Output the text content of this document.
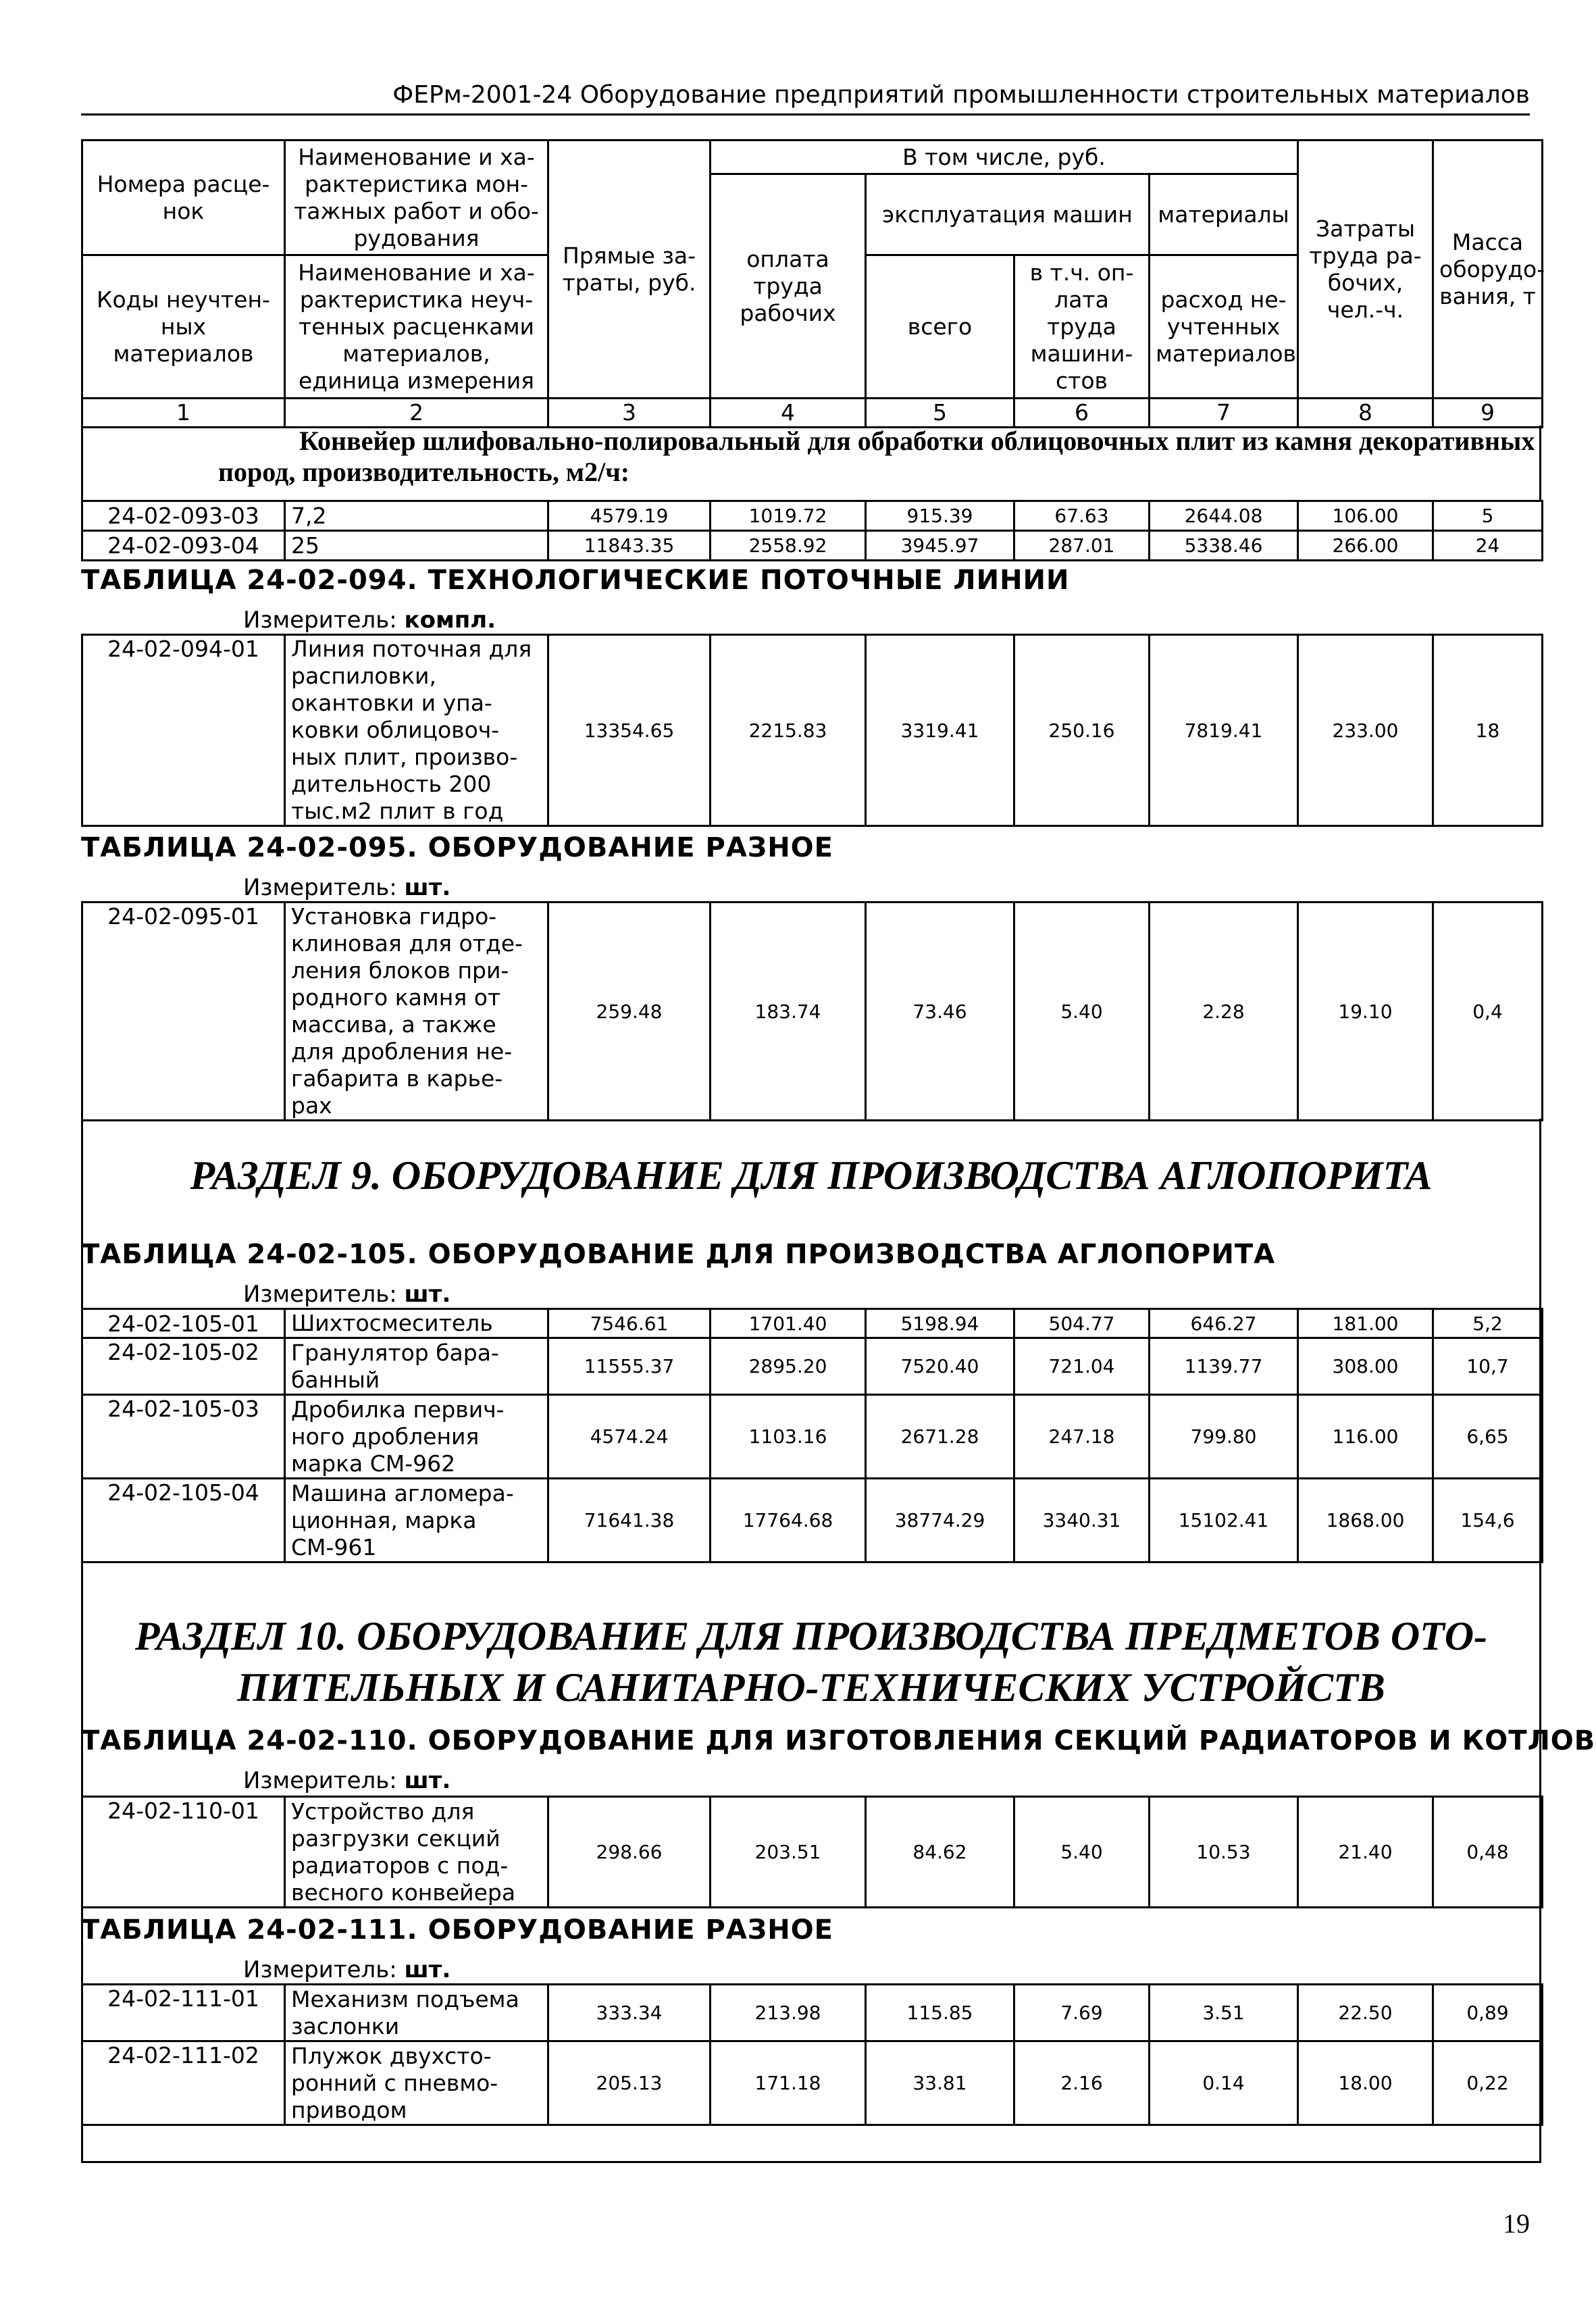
ФЕРм-2001-24 Оборудование предприятий промышленности строительных материалов
Номера расце-нок	Наименование и ха-рактеристика мон-тажных работ и обо-рудования	Прямые за-траты, руб.	В том числе, руб.				Затраты труда ра-бочих, чел.-ч.	Масса оборудо-вания, т
			оплата труда рабочих	эксплуатация машин		материалы		

Коды неучтен-ных материалов	Наименование и ха-рактеристика неуч-тенных расценками материалов, единица измерения			всего	в т.ч. оп-лата труда машини-стов	расход не-учтенных материалов		

1	2	3	4	5	6	7	8	9
Конвейер шлифовально-полировальный для обработки облицовочных плит из камня декоративных пород, производительность, м2/ч:
24-02-093-03	7,2	4579.19	1019.72	915.39	67.63	2644.08	106.00	5
24-02-093-04	25	11843.35	2558.92	3945.97	287.01	5338.46	266.00	24
ТАБЛИЦА 24-02-094. ТЕХНОЛОГИЧЕСКИЕ ПОТОЧНЫЕ ЛИНИИ
Измеритель: компл.
24-02-094-01	Линия поточная для распиловки, окантовки и упа-ковки облицовоч-ных плит, произво-дительность 200 тыс.м2 плит в год	13354.65	2215.83	3319.41	250.16	7819.41	233.00	18
ТАБЛИЦА 24-02-095. ОБОРУДОВАНИЕ РАЗНОЕ
Измеритель: шт.
24-02-095-01	Установка гидро-клиновая для отде-ления блоков при-родного камня от массива, а также для дробления не-габарита в карье-рах	259.48	183.74	73.46	5.40	2.28	19.10	0,4
РАЗДЕЛ 9. ОБОРУДОВАНИЕ ДЛЯ ПРОИЗВОДСТВА АГЛОПОРИТА
ТАБЛИЦА 24-02-105. ОБОРУДОВАНИЕ ДЛЯ ПРОИЗВОДСТВА АГЛОПОРИТА
Измеритель: шт.
24-02-105-01	Шихтосмеситель	7546.61	1701.40	5198.94	504.77	646.27	181.00	5,2
24-02-105-02	Гранулятор бара-банный	11555.37	2895.20	7520.40	721.04	1139.77	308.00	10,7
24-02-105-03	Дробилка первич-ного дробления марка СМ-962	4574.24	1103.16	2671.28	247.18	799.80	116.00	6,65
24-02-105-04	Машина агломера-ционная, марка СМ-961	71641.38	17764.68	38774.29	3340.31	15102.41	1868.00	154,6
РАЗДЕЛ 10. ОБОРУДОВАНИЕ ДЛЯ ПРОИЗВОДСТВА ПРЕДМЕТОВ ОТО-
ПИТЕЛЬНЫХ И САНИТАРНО-ТЕХНИЧЕСКИХ УСТРОЙСТВ
ТАБЛИЦА 24-02-110. ОБОРУДОВАНИЕ ДЛЯ ИЗГОТОВЛЕНИЯ СЕКЦИЙ РАДИАТОРОВ И КОТЛОВ
Измеритель: шт.
24-02-110-01	Устройство для разгрузки секций радиаторов с под-весного конвейера	298.66	203.51	84.62	5.40	10.53	21.40	0,48
ТАБЛИЦА 24-02-111. ОБОРУДОВАНИЕ РАЗНОЕ
Измеритель: шт.
24-02-111-01	Механизм подъема заслонки	333.34	213.98	115.85	7.69	3.51	22.50	0,89
24-02-111-02	Плужок двухсто-ронний с пневмо-приводом	205.13	171.18	33.81	2.16	0.14	18.00	0,22
19
